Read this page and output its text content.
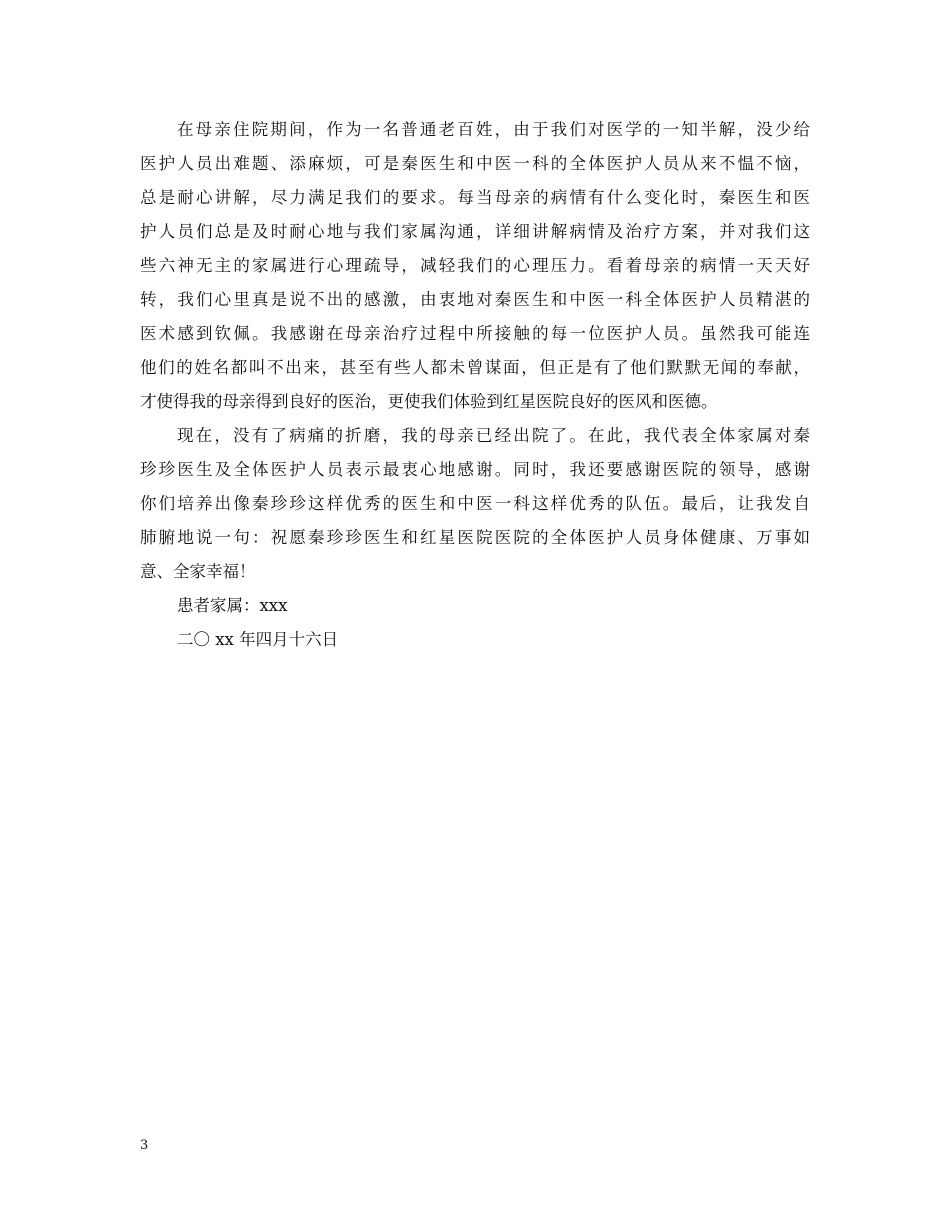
在母亲住院期间，作为一名普通老百姓，由于我们对医学的一知半解，没少给
医护人员出难题、添麻烦，可是秦医生和中医一科的全体医护人员从来不愠不恼，
总是耐心讲解，尽力满足我们的要求。每当母亲的病情有什么变化时，秦医生和医
护人员们总是及时耐心地与我们家属沟通，详细讲解病情及治疗方案，并对我们这
些六神无主的家属进行心理疏导，减轻我们的心理压力。看着母亲的病情一天天好
转，我们心里真是说不出的感激，由衷地对秦医生和中医一科全体医护人员精湛的
医术感到钦佩。我感谢在母亲治疗过程中所接触的每一位医护人员。虽然我可能连
他们的姓名都叫不出来，甚至有些人都未曾谋面，但正是有了他们默默无闻的奉献，
才使得我的母亲得到良好的医治，更使我们体验到红星医院良好的医风和医德。
现在，没有了病痛的折磨，我的母亲已经出院了。在此，我代表全体家属对秦
珍珍医生及全体医护人员表示最衷心地感谢。同时，我还要感谢医院的领导，感谢
你们培养出像秦珍珍这样优秀的医生和中医一科这样优秀的队伍。最后，让我发自
肺腑地说一句：祝愿秦珍珍医生和红星医院医院的全体医护人员身体健康、万事如
意、全家幸福！
患者家属：xxx
二〇 xx 年四月十六日
3
